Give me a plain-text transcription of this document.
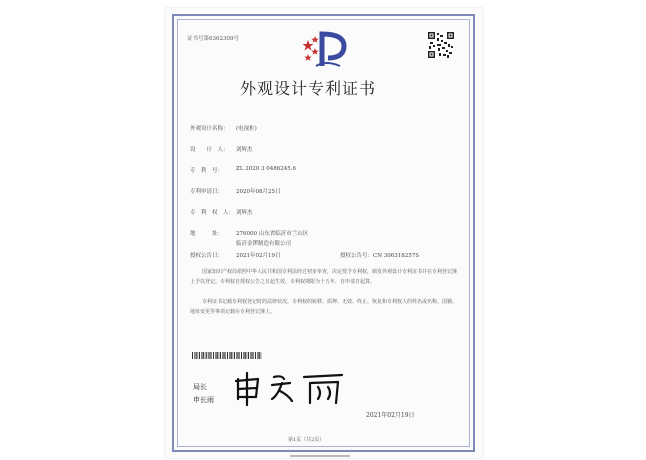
证书号第6362309号
外观设计专利证书
外观设计名称： (电视柜)
设　　计　人： 刘辉杰
专　利　号： ZL 2020 3 0486245.6
专利申请日： 2020年08月25日
专　利　权　人： 刘辉杰
地　　　址： 276000 山东省临沂市兰山区
临沂金锣制造有限公司
授权公告日： 2021年02月19日	授权公告号：CN 306318257S
国家知识产权局依照中华人民共和国专利法经过初步审查，决定授予专利权，颁发外观设计专利证书并在专利登记簿上予以登记。专利权自授权公告之日起生效。专利权期限为十五年，自申请日起算。
专利证书记载专利权登记时的法律状况。专利权的转移、质押、无效、终止、恢复和专利权人的姓名或名称、国籍、地址变更等事项记载在专利登记簿上。
局长
申长雨
2021年02月19日
第1页（共2页）
